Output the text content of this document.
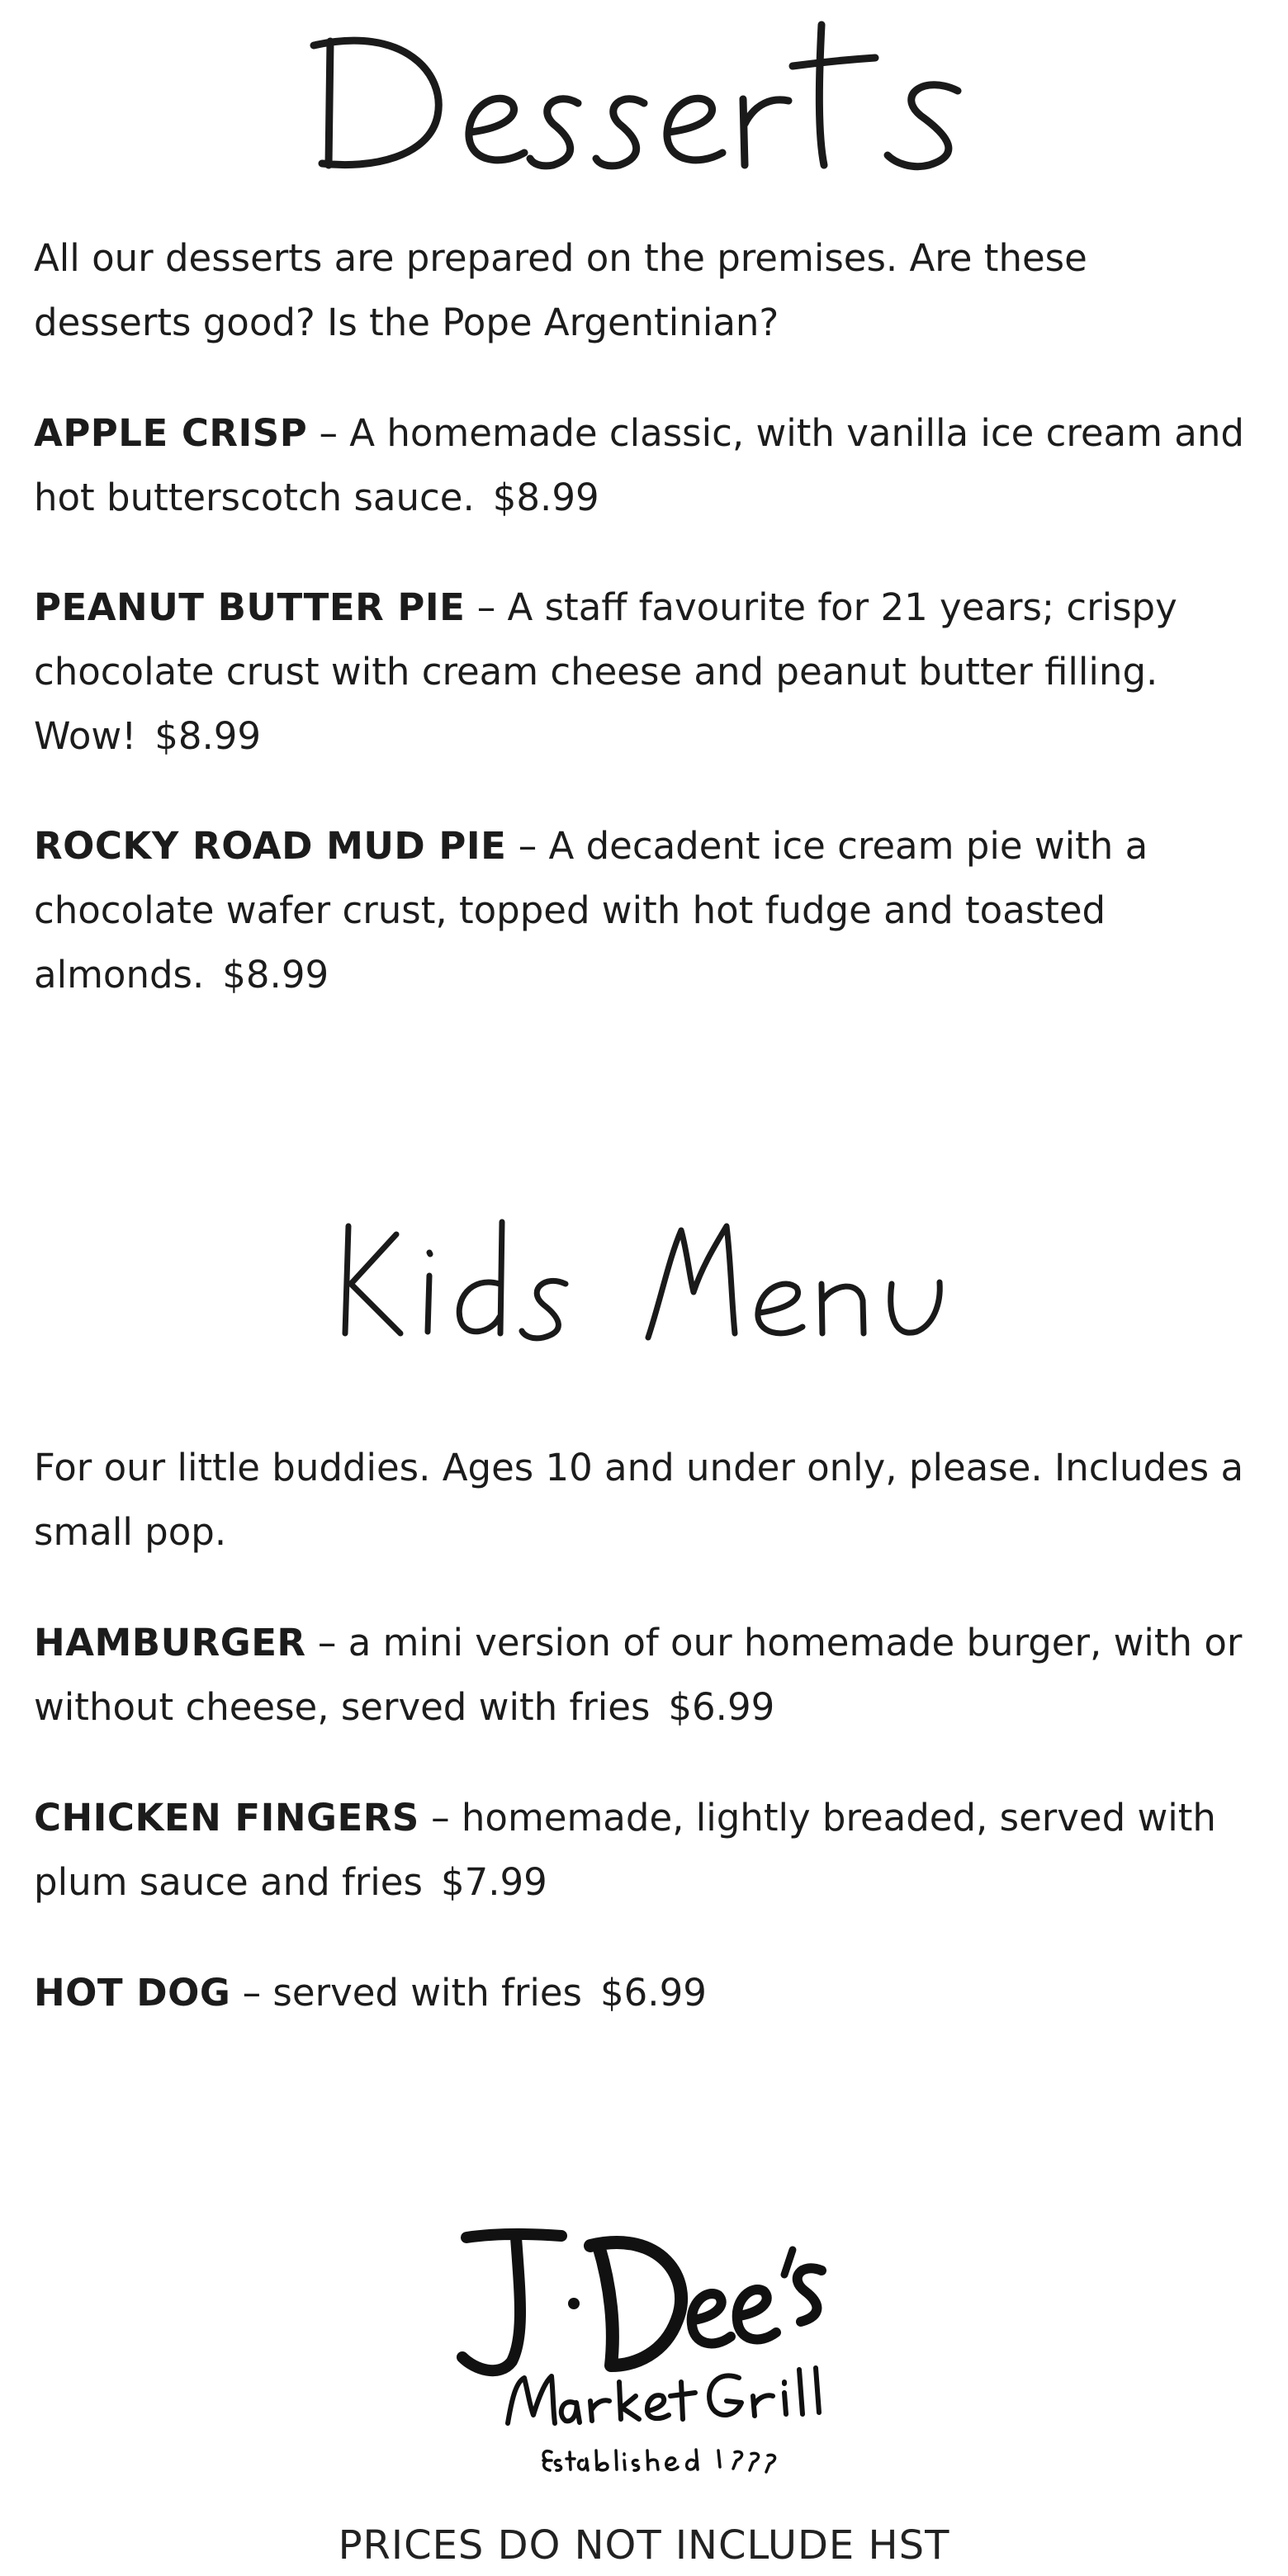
All our desserts are prepared on the premises. Are these desserts good? Is the Pope Argentinian?

APPLE CRISP – A homemade classic, with vanilla ice cream and hot butterscotch sauce. $8.99

PEANUT BUTTER PIE – A staff favourite for 21 years; crispy chocolate crust with cream cheese and peanut butter filling. Wow! $8.99

ROCKY ROAD MUD PIE – A decadent ice cream pie with a chocolate wafer crust, topped with hot fudge and toasted almonds. $8.99

For our little buddies. Ages 10 and under only, please. Includes a small pop.

HAMBURGER – a mini version of our homemade burger, with or without cheese, served with fries $6.99

CHICKEN FINGERS – homemade, lightly breaded, served with plum sauce and fries $7.99

HOT DOG – served with fries $6.99

PRICES DO NOT INCLUDE HST
